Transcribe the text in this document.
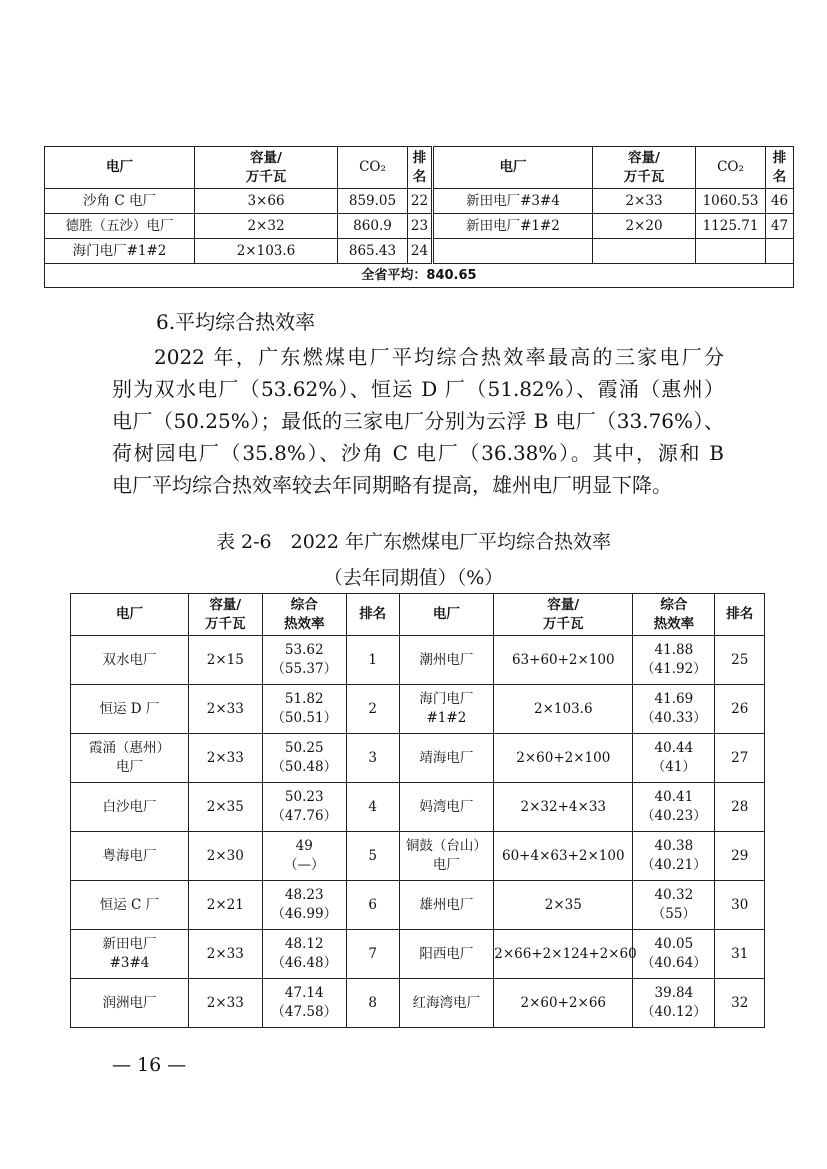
电厂	容量/
万千瓦	CO₂	排
名	电厂	容量/
万千瓦	CO₂	排
名

沙角 C 电厂	3×66	859.05	22	新田电厂#3#4	2×33	1060.53	46
德胜（五沙）电厂	2×32	860.9	23	新田电厂#1#2	2×20	1125.71	47
海门电厂#1#2	2×103.6	865.43	24				
全省平均：840.65							
6.平均综合热效率

2022 年，广东燃煤电厂平均综合热效率最高的三家电厂分

别为双水电厂（53.62%）、恒运 D 厂（51.82%）、霞涌（惠州）

电厂（50.25%）；最低的三家电厂分别为云浮 B 电厂（33.76%）、

荷树园电厂（35.8%）、沙角 C 电厂（36.38%）。其中，源和 B

电厂平均综合热效率较去年同期略有提高，雄州电厂明显下降。

表 2-6　2022 年广东燃煤电厂平均综合热效率
（去年同期值）（%）
电厂	容量/
万千瓦	综合
热效率	排名	电厂	容量/
万千瓦	综合
热效率	排名

双水电厂	2×15	53.62
（55.37）	1	潮州电厂	63+60+2×100	41.88
（41.92）	25

恒运 D 厂	2×33	51.82
（50.51）	2	海门电厂
#1#2	2×103.6	41.69
（40.33）	26

霞涌（惠州）
电厂	2×33	50.25
（50.48）	3	靖海电厂	2×60+2×100	40.44
（41）	27

白沙电厂	2×35	50.23
（47.76）	4	妈湾电厂	2×32+4×33	40.41
（40.23）	28

粤海电厂	2×30	49
（—）	5	铜鼓（台山）
电厂	60+4×63+2×100	40.38
（40.21）	29

恒运 C 厂	2×21	48.23
（46.99）	6	雄州电厂	2×35	40.32
（55）	30

新田电厂
#3#4	2×33	48.12
（46.48）	7	阳西电厂	2×66+2×124+2×60	40.05
（40.64）	31

润洲电厂	2×33	47.14
（47.58）	8	红海湾电厂	2×60+2×66	39.84
（40.12）	32
— 16 —
